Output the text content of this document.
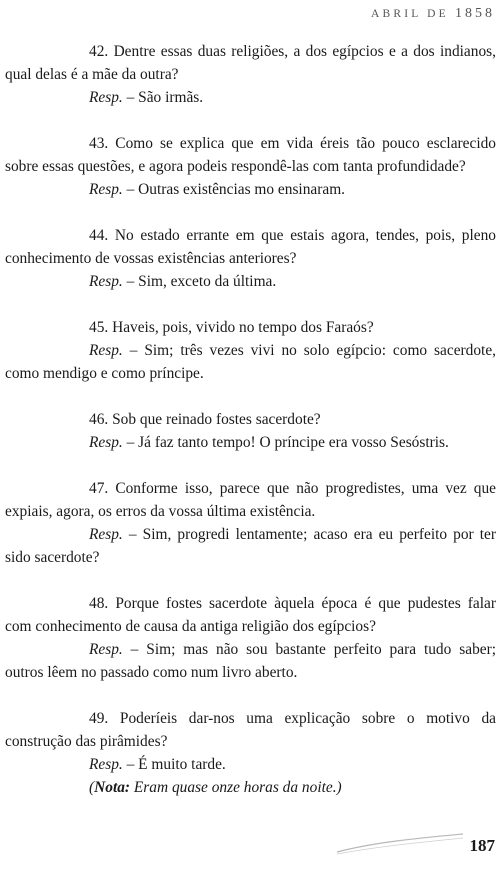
ABRIL DE 1858

42. Dentre essas duas religiões, a dos egípcios e a dos indianos, qual delas é a mãe da outra?

Resp. – São irmãs.

43. Como se explica que em vida éreis tão pouco esclarecido sobre essas questões, e agora podeis respondê-las com tanta profundidade?

Resp. – Outras existências mo ensinaram.

44. No estado errante em que estais agora, tendes, pois, pleno conhecimento de vossas existências anteriores?

Resp. – Sim, exceto da última.

45. Haveis, pois, vivido no tempo dos Faraós?

Resp. – Sim; três vezes vivi no solo egípcio: como sacerdote, como mendigo e como príncipe.

46. Sob que reinado fostes sacerdote?

Resp. – Já faz tanto tempo! O príncipe era vosso Sesóstris.

47. Conforme isso, parece que não progredistes, uma vez que expiais, agora, os erros da vossa última existência.

Resp. – Sim, progredi lentamente; acaso era eu perfeito por ter sido sacerdote?

48. Porque fostes sacerdote àquela época é que pudestes falar com conhecimento de causa da antiga religião dos egípcios?

Resp. – Sim; mas não sou bastante perfeito para tudo saber; outros lêem no passado como num livro aberto.

49. Poderíeis dar-nos uma explicação sobre o motivo da construção das pirâmides?

Resp. – É muito tarde.

(Nota: Eram quase onze horas da noite.)

187
